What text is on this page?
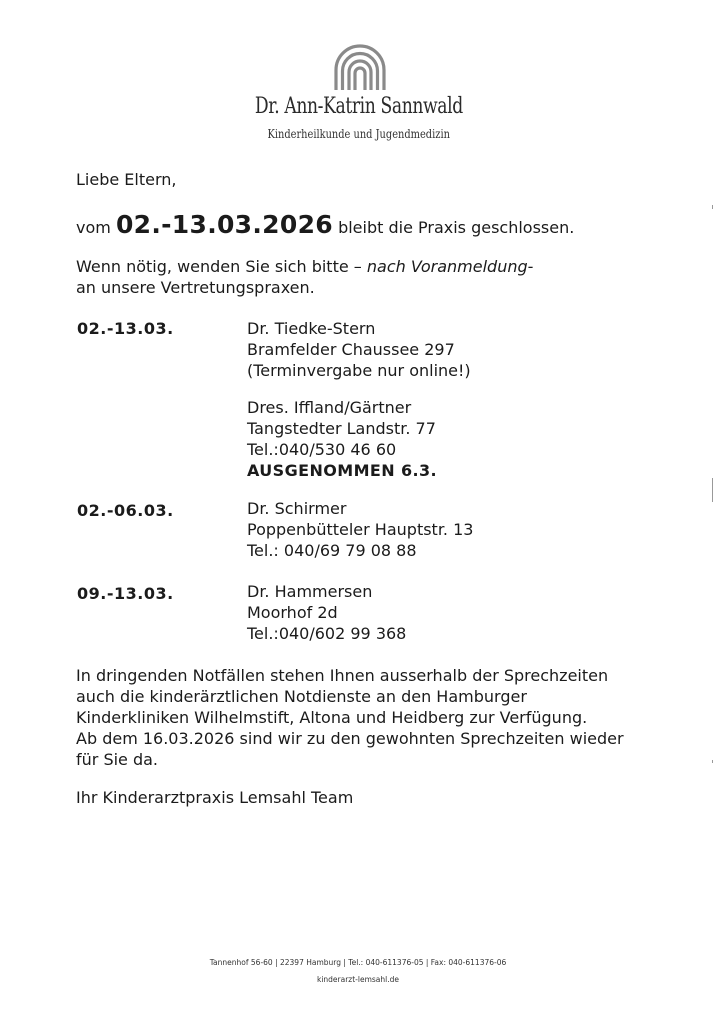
Dr. Ann-Katrin Sannwald
Kinderheilkunde und Jugendmedizin
Liebe Eltern,
vom 02.-13.03.2026 bleibt die Praxis geschlossen.
Wenn nötig, wenden Sie sich bitte – nach Voranmeldung-
an unsere Vertretungspraxen.
02.-13.03.	Dr. Tiedke-Stern
Bramfelder Chaussee 297
(Terminvergabe nur online!)
Dres. Iffland/Gärtner
Tangstedter Landstr. 77
Tel.:040/530 46 60
AUSGENOMMEN 6.3.
02.-06.03.	Dr. Schirmer
Poppenbütteler Hauptstr. 13
Tel.: 040/69 79 08 88
09.-13.03.	Dr. Hammersen
Moorhof 2d
Tel.:040/602 99 368
In dringenden Notfällen stehen Ihnen ausserhalb der Sprechzeiten
auch die kinderärztlichen Notdienste an den Hamburger
Kinderkliniken Wilhelmstift, Altona und Heidberg zur Verfügung.
Ab dem 16.03.2026 sind wir zu den gewohnten Sprechzeiten wieder
für Sie da.
Ihr Kinderarztpraxis Lemsahl Team
Tannenhof 56-60 | 22397 Hamburg | Tel.: 040-611376-05 | Fax: 040-611376-06
kinderarzt-lemsahl.de
